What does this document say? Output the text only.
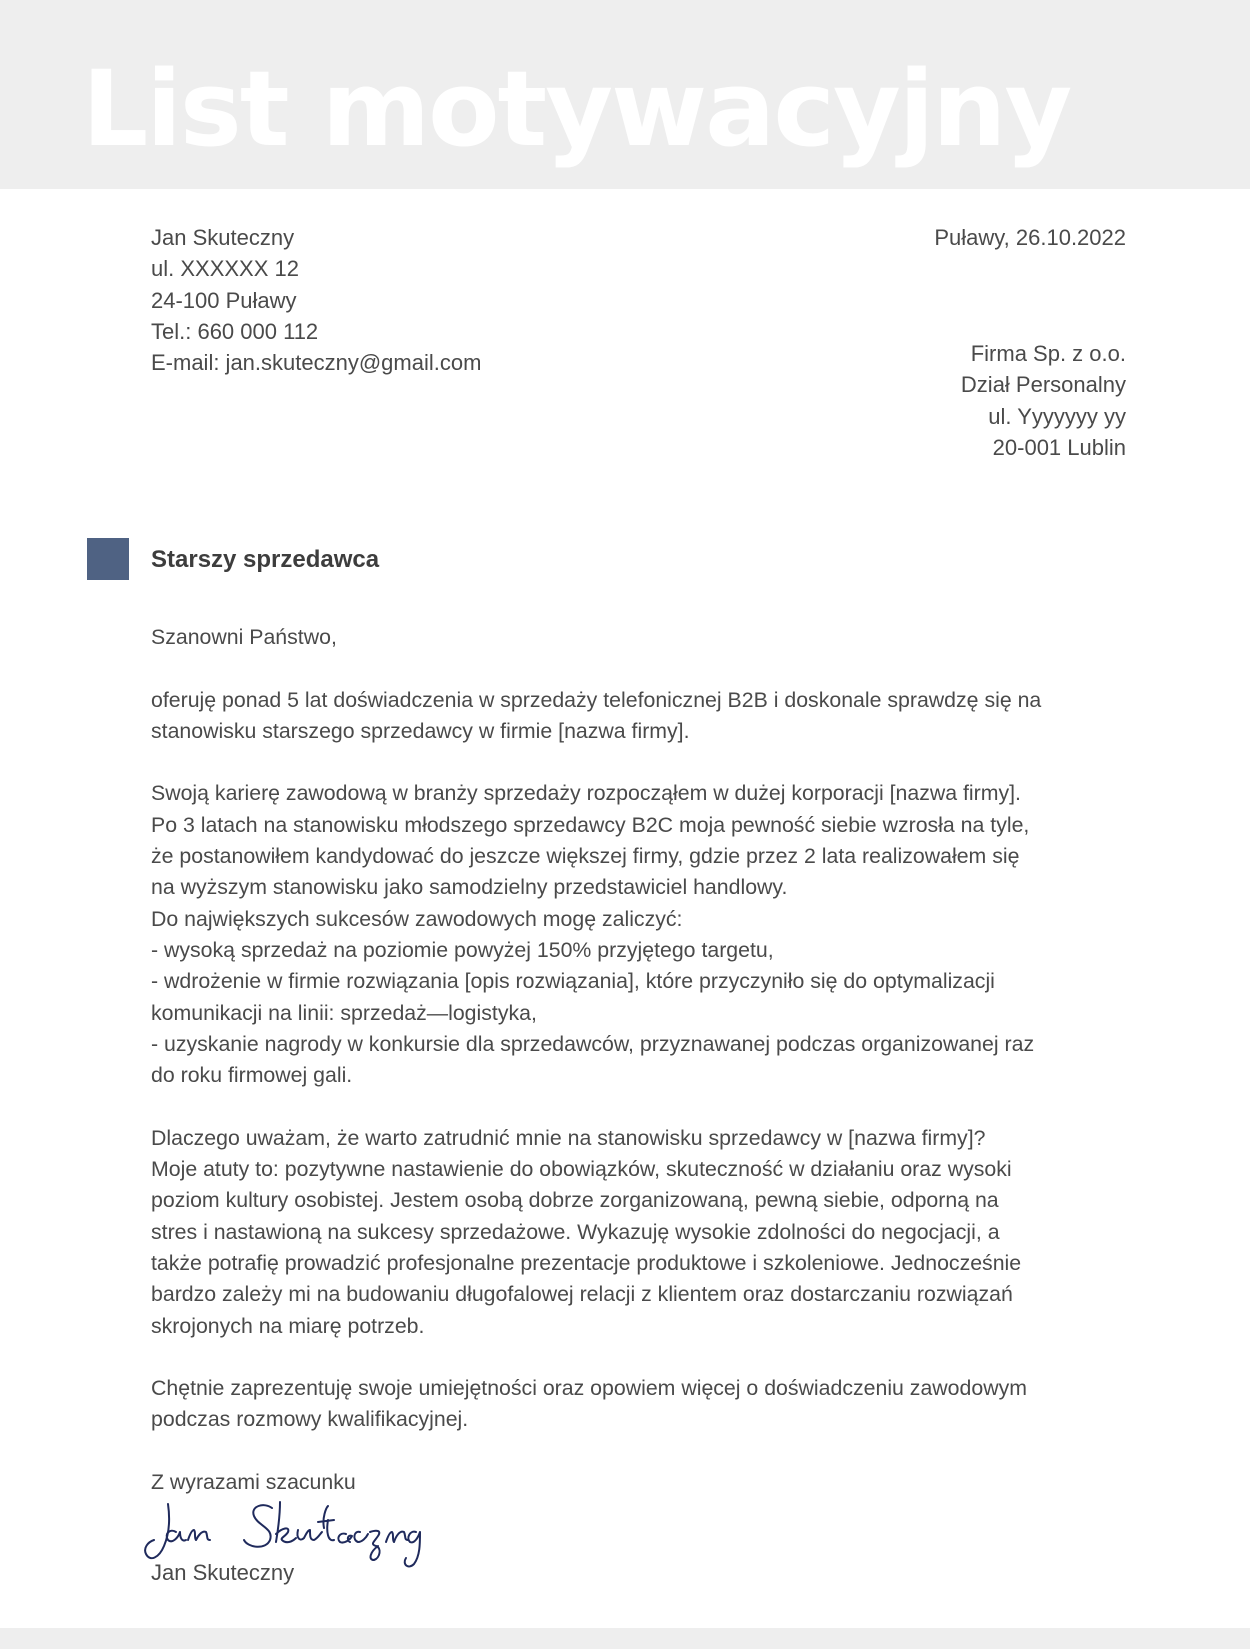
List motywacyjny
Jan Skuteczny
ul. XXXXXX 12
24-100 Puławy
Tel.: 660 000 112
E-mail: jan.skuteczny@gmail.com
Puławy, 26.10.2022
Firma Sp. z o.o.
Dział Personalny
ul. Yyyyyyy yy
20-001 Lublin
Starszy sprzedawca

Szanowni Państwo,

oferuję ponad 5 lat doświadczenia w sprzedaży telefonicznej B2B i doskonale sprawdzę się na
stanowisku starszego sprzedawcy w firmie [nazwa firmy].

Swoją karierę zawodową w branży sprzedaży rozpocząłem w dużej korporacji [nazwa firmy].
Po 3 latach na stanowisku młodszego sprzedawcy B2C moja pewność siebie wzrosła na tyle,
że postanowiłem kandydować do jeszcze większej firmy, gdzie przez 2 lata realizowałem się
na wyższym stanowisku jako samodzielny przedstawiciel handlowy.
Do największych sukcesów zawodowych mogę zaliczyć:
- wysoką sprzedaż na poziomie powyżej 150% przyjętego targetu,
- wdrożenie w firmie rozwiązania [opis rozwiązania], które przyczyniło się do optymalizacji
komunikacji na linii: sprzedaż—logistyka,
- uzyskanie nagrody w konkursie dla sprzedawców, przyznawanej podczas organizowanej raz
do roku firmowej gali.

Dlaczego uważam, że warto zatrudnić mnie na stanowisku sprzedawcy w [nazwa firmy]?
Moje atuty to: pozytywne nastawienie do obowiązków, skuteczność w działaniu oraz wysoki
poziom kultury osobistej. Jestem osobą dobrze zorganizowaną, pewną siebie, odporną na
stres i nastawioną na sukcesy sprzedażowe. Wykazuję wysokie zdolności do negocjacji, a
także potrafię prowadzić profesjonalne prezentacje produktowe i szkoleniowe. Jednocześnie
bardzo zależy mi na budowaniu długofalowej relacji z klientem oraz dostarczaniu rozwiązań
skrojonych na miarę potrzeb.

Chętnie zaprezentuję swoje umiejętności oraz opowiem więcej o doświadczeniu zawodowym
podczas rozmowy kwalifikacyjnej.

Z wyrazami szacunku

Jan Skuteczny
